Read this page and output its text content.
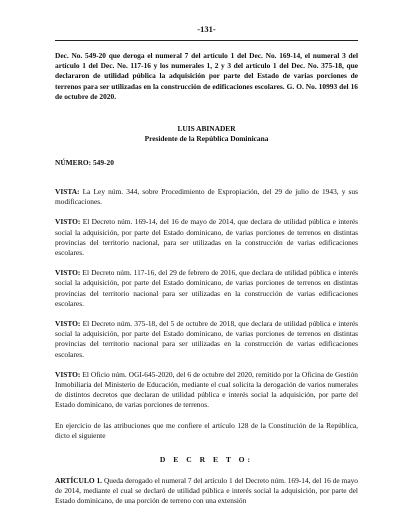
-131-

Dec. No. 549-20 que deroga el numeral 7 del artículo 1 del Dec. No. 169-14, el numeral 3 del artículo 1 del Dec. No. 117-16 y los numerales 1, 2 y 3 del artículo 1 del Dec. No. 375-18, que declararon de utilidad pública la adquisición por parte del Estado de varias porciones de terrenos para ser utilizadas en la construcción de edificaciones escolares. G. O. No. 10993 del 16 de octubre de 2020.

LUIS ABINADER
Presidente de la República Dominicana
NÚMERO: 549-20

VISTA: La Ley núm. 344, sobre Procedimiento de Expropiación, del 29 de julio de 1943, y sus modificaciones.

VISTO: El Decreto núm. 169-14, del 16 de mayo de 2014, que declara de utilidad pública e interés social la adquisición, por parte del Estado dominicano, de varias porciones de terrenos en distintas provincias del territorio nacional, para ser utilizadas en la construcción de varias edificaciones escolares.

VISTO: El Decreto núm. 117-16, del 29 de febrero de 2016, que declara de utilidad pública e interés social la adquisición, por parte del Estado dominicano, de varias porciones de terrenos en distintas provincias del territorio nacional para ser utilizadas en la construcción de varias edificaciones escolares.

VISTO: El Decreto núm. 375-18, del 5 de octubre de 2018, que declara de utilidad pública e interés social la adquisición, por parte del Estado dominicano, de varias porciones de terrenos en distintas provincias del territorio nacional para ser utilizadas en la construcción de varias edificaciones escolares.

VISTO: El Oficio núm. OGI-645-2020, del 6 de octubre del 2020, remitido por la Oficina de Gestión Inmobiliaria del Ministerio de Educación, mediante el cual solicita la derogación de varios numerales de distintos decretos que declaran de utilidad pública e interés social la adquisición, por parte del Estado dominicano, de varias porciones de terrenos.

En ejercicio de las atribuciones que me confiere el artículo 128 de la Constitución de la República, dicto el siguiente

D E C R E T O:

ARTÍCULO 1. Queda derogado el numeral 7 del artículo 1 del Decreto núm. 169-14, del 16 de mayo de 2014, mediante el cual se declaró de utilidad pública e interés social la adquisición, por parte del Estado dominicano, de una porción de terreno con una extensión
